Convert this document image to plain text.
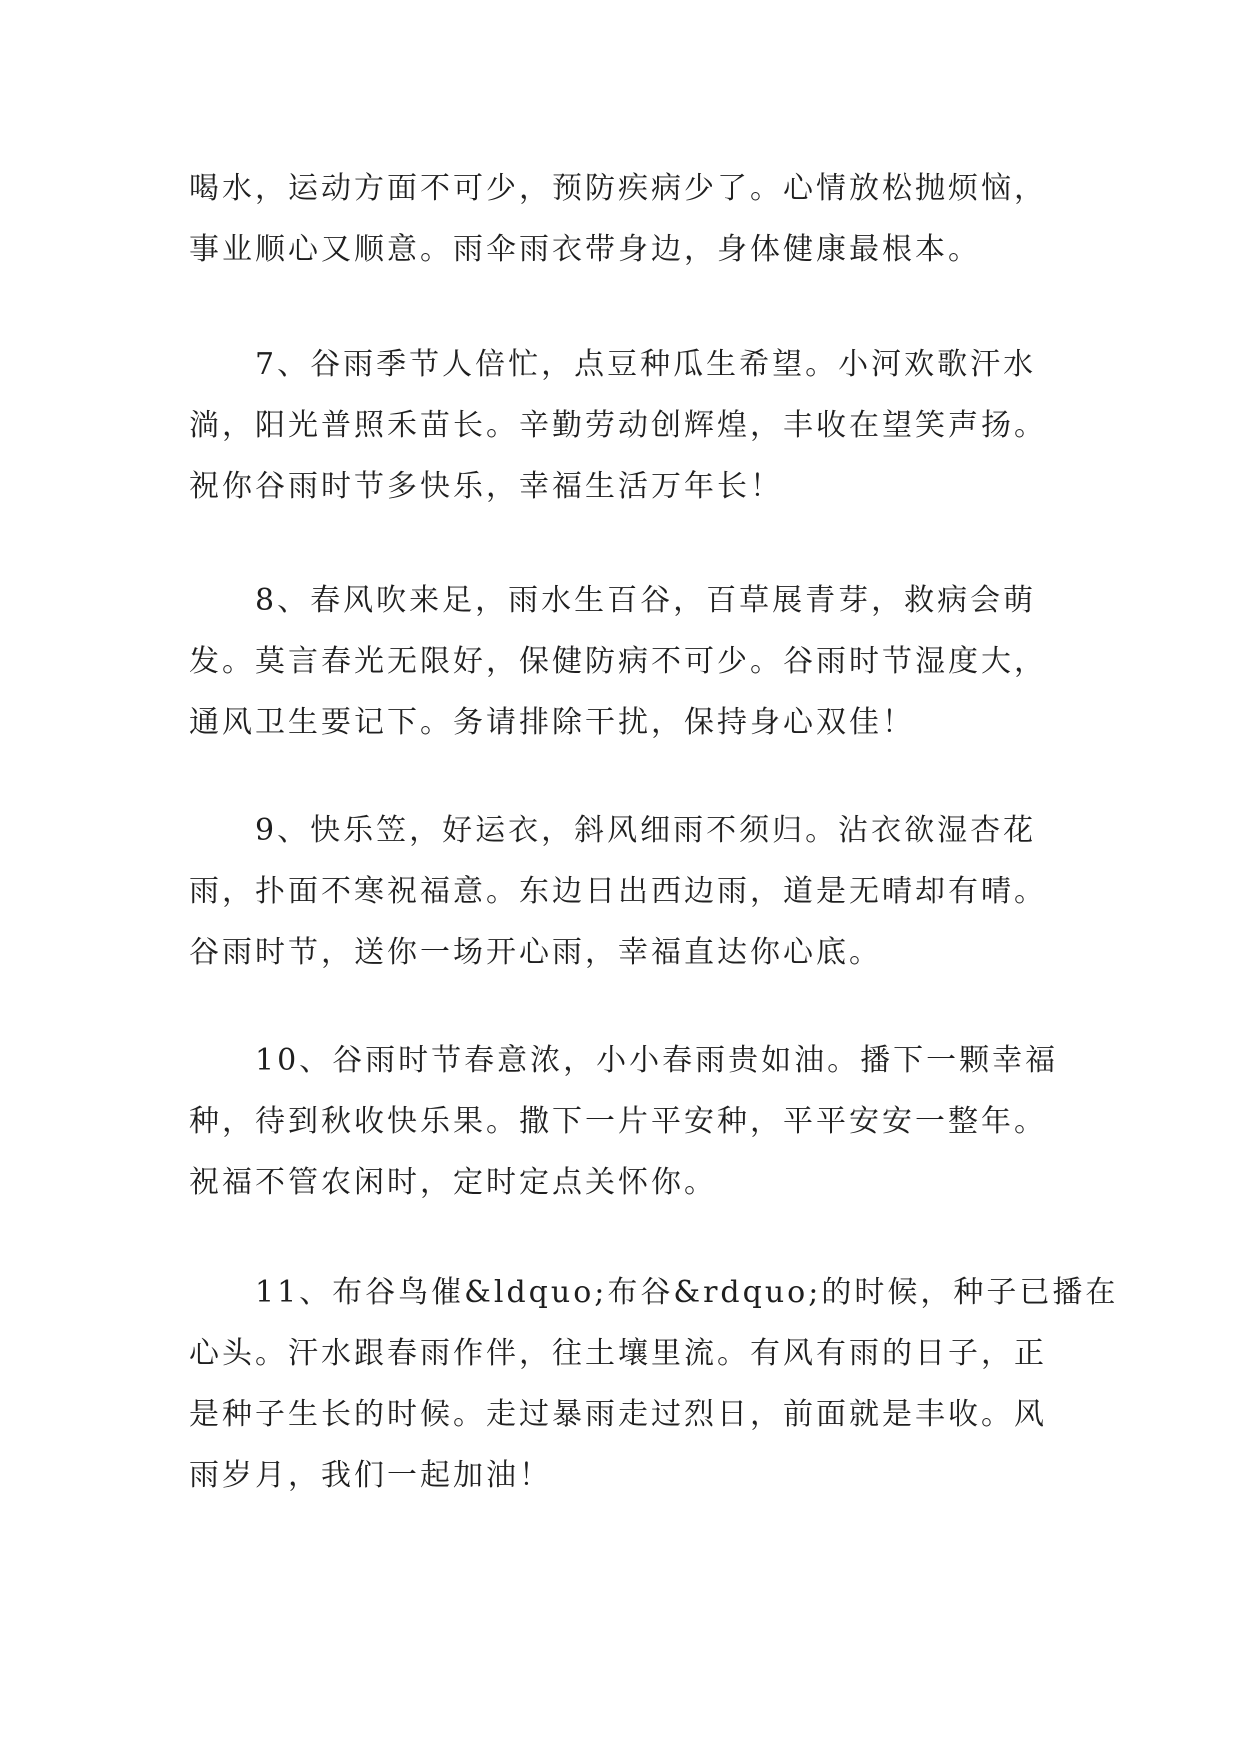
喝水，运动方面不可少，预防疾病少了。心情放松抛烦恼，
事业顺心又顺意。雨伞雨衣带身边，身体健康最根本。
7、谷雨季节人倍忙，点豆种瓜生希望。小河欢歌汗水
淌，阳光普照禾苗长。辛勤劳动创辉煌，丰收在望笑声扬。
祝你谷雨时节多快乐，幸福生活万年长！
8、春风吹来足，雨水生百谷，百草展青芽，救病会萌
发。莫言春光无限好，保健防病不可少。谷雨时节湿度大，
通风卫生要记下。务请排除干扰，保持身心双佳！
9、快乐笠，好运衣，斜风细雨不须归。沾衣欲湿杏花
雨，扑面不寒祝福意。东边日出西边雨，道是无晴却有晴。
谷雨时节，送你一场开心雨，幸福直达你心底。
10、谷雨时节春意浓，小小春雨贵如油。播下一颗幸福
种，待到秋收快乐果。撒下一片平安种，平平安安一整年。
祝福不管农闲时，定时定点关怀你。
11、布谷鸟催&ldquo;布谷&rdquo;的时候，种子已播在
心头。汗水跟春雨作伴，往土壤里流。有风有雨的日子，正
是种子生长的时候。走过暴雨走过烈日，前面就是丰收。风
雨岁月，我们一起加油！
